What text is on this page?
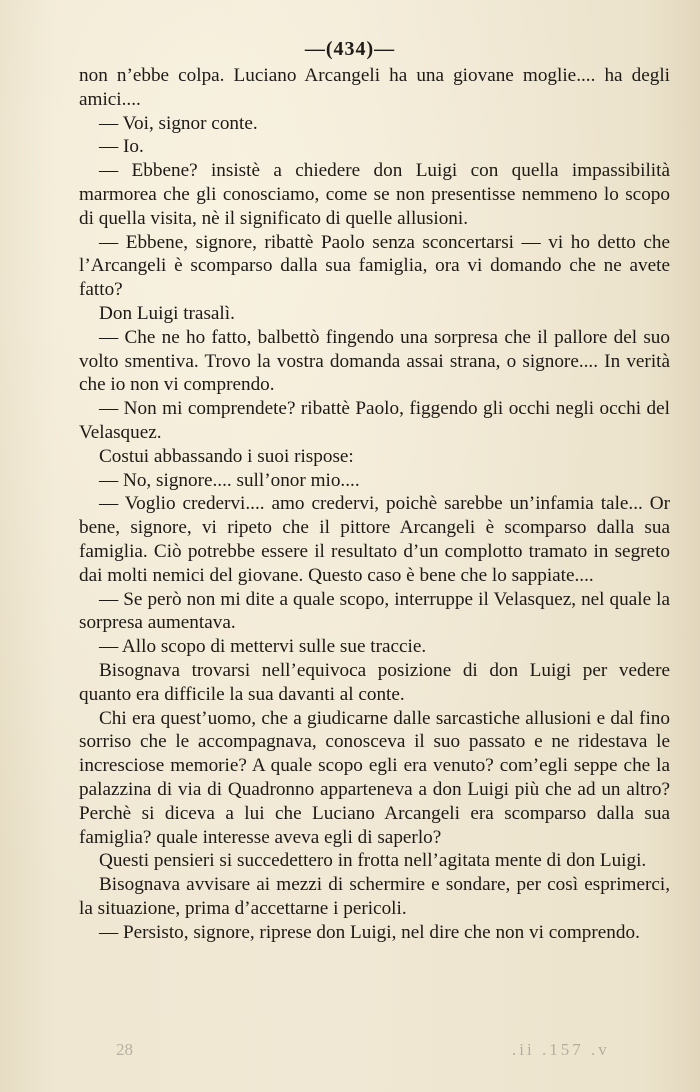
—(434)—

non n’ebbe colpa. Luciano Arcangeli ha una giovane moglie.... ha degli amici....

— Voi, signor conte.

— Io.

— Ebbene? insistè a chiedere don Luigi con quella impassibilità marmorea che gli conosciamo, come se non presentisse nemmeno lo scopo di quella visita, nè il significato di quelle allusioni.

— Ebbene, signore, ribattè Paolo senza sconcertarsi — vi ho detto che l’Arcangeli è scomparso dalla sua famiglia, ora vi domando che ne avete fatto?

Don Luigi trasalì.

— Che ne ho fatto, balbettò fingendo una sorpresa che il pallore del suo volto smentiva. Trovo la vostra domanda assai strana, o signore.... In verità che io non vi comprendo.

— Non mi comprendete? ribattè Paolo, figgendo gli occhi negli occhi del Velasquez.

Costui abbassando i suoi rispose:

— No, signore.... sull’onor mio....

— Voglio credervi.... amo credervi, poichè sarebbe un’infamia tale... Or bene, signore, vi ripeto che il pittore Arcangeli è scomparso dalla sua famiglia. Ciò potrebbe essere il resultato d’un complotto tramato in segreto dai molti nemici del giovane. Questo caso è bene che lo sappiate....

— Se però non mi dite a quale scopo, interruppe il Velasquez, nel quale la sorpresa aumentava.

— Allo scopo di mettervi sulle sue traccie.

Bisognava trovarsi nell’equivoca posizione di don Luigi per vedere quanto era difficile la sua davanti al conte.

Chi era quest’uomo, che a giudicarne dalle sarcastiche allusioni e dal fino sorriso che le accompagnava, conosceva il suo passato e ne ridestava le incresciose memorie? A quale scopo egli era venuto? com’egli seppe che la palazzina di via di Quadronno apparteneva a don Luigi più che ad un altro? Perchè si diceva a lui che Luciano Arcangeli era scomparso dalla sua famiglia? quale interesse aveva egli di saperlo?

Questi pensieri si succedettero in frotta nell’agitata mente di don Luigi.

Bisognava avvisare ai mezzi di schermire e sondare, per così esprimerci, la situazione, prima d’accettarne i pericoli.

— Persisto, signore, riprese don Luigi, nel dire che non vi comprendo.

28	.ii .157 .v
